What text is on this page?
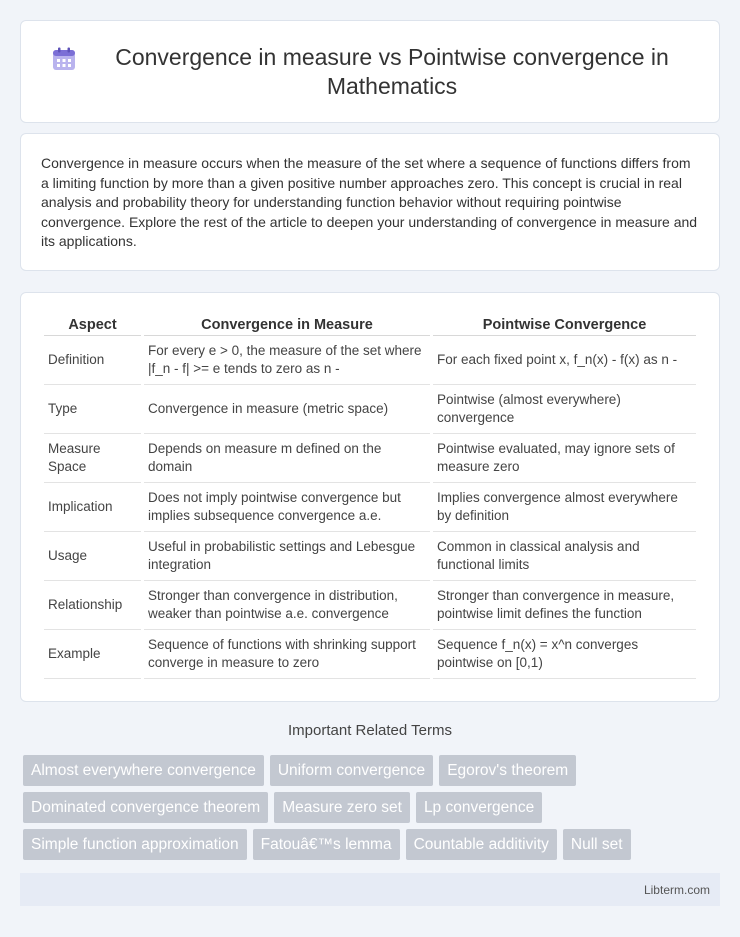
Convergence in measure vs Pointwise convergence in Mathematics

Convergence in measure occurs when the measure of the set where a sequence of functions differs from a limiting function by more than a given positive number approaches zero. This concept is crucial in real analysis and probability theory for understanding function behavior without requiring pointwise convergence. Explore the rest of the article to deepen your understanding of convergence in measure and its applications.

Aspect	Convergence in Measure	Pointwise Convergence
Definition	For every e > 0, the measure of the set where |f_n - f| >= e tends to zero as n -	For each fixed point x, f_n(x) - f(x) as n -
Type	Convergence in measure (metric space)	Pointwise (almost everywhere) convergence
Measure Space	Depends on measure m defined on the domain	Pointwise evaluated, may ignore sets of measure zero
Implication	Does not imply pointwise convergence but implies subsequence convergence a.e.	Implies convergence almost everywhere by definition
Usage	Useful in probabilistic settings and Lebesgue integration	Common in classical analysis and functional limits
Relationship	Stronger than convergence in distribution, weaker than pointwise a.e. convergence	Stronger than convergence in measure, pointwise limit defines the function
Example	Sequence of functions with shrinking support converge in measure to zero	Sequence f_n(x) = x^n converges pointwise on [0,1)
Important Related Terms
Almost everywhere convergence	Uniform convergence	Egorov's theorem
Dominated convergence theorem	Measure zero set	Lp convergence
Simple function approximation	Fatouâ€™s lemma	Countable additivity	Null set
Libterm.com
